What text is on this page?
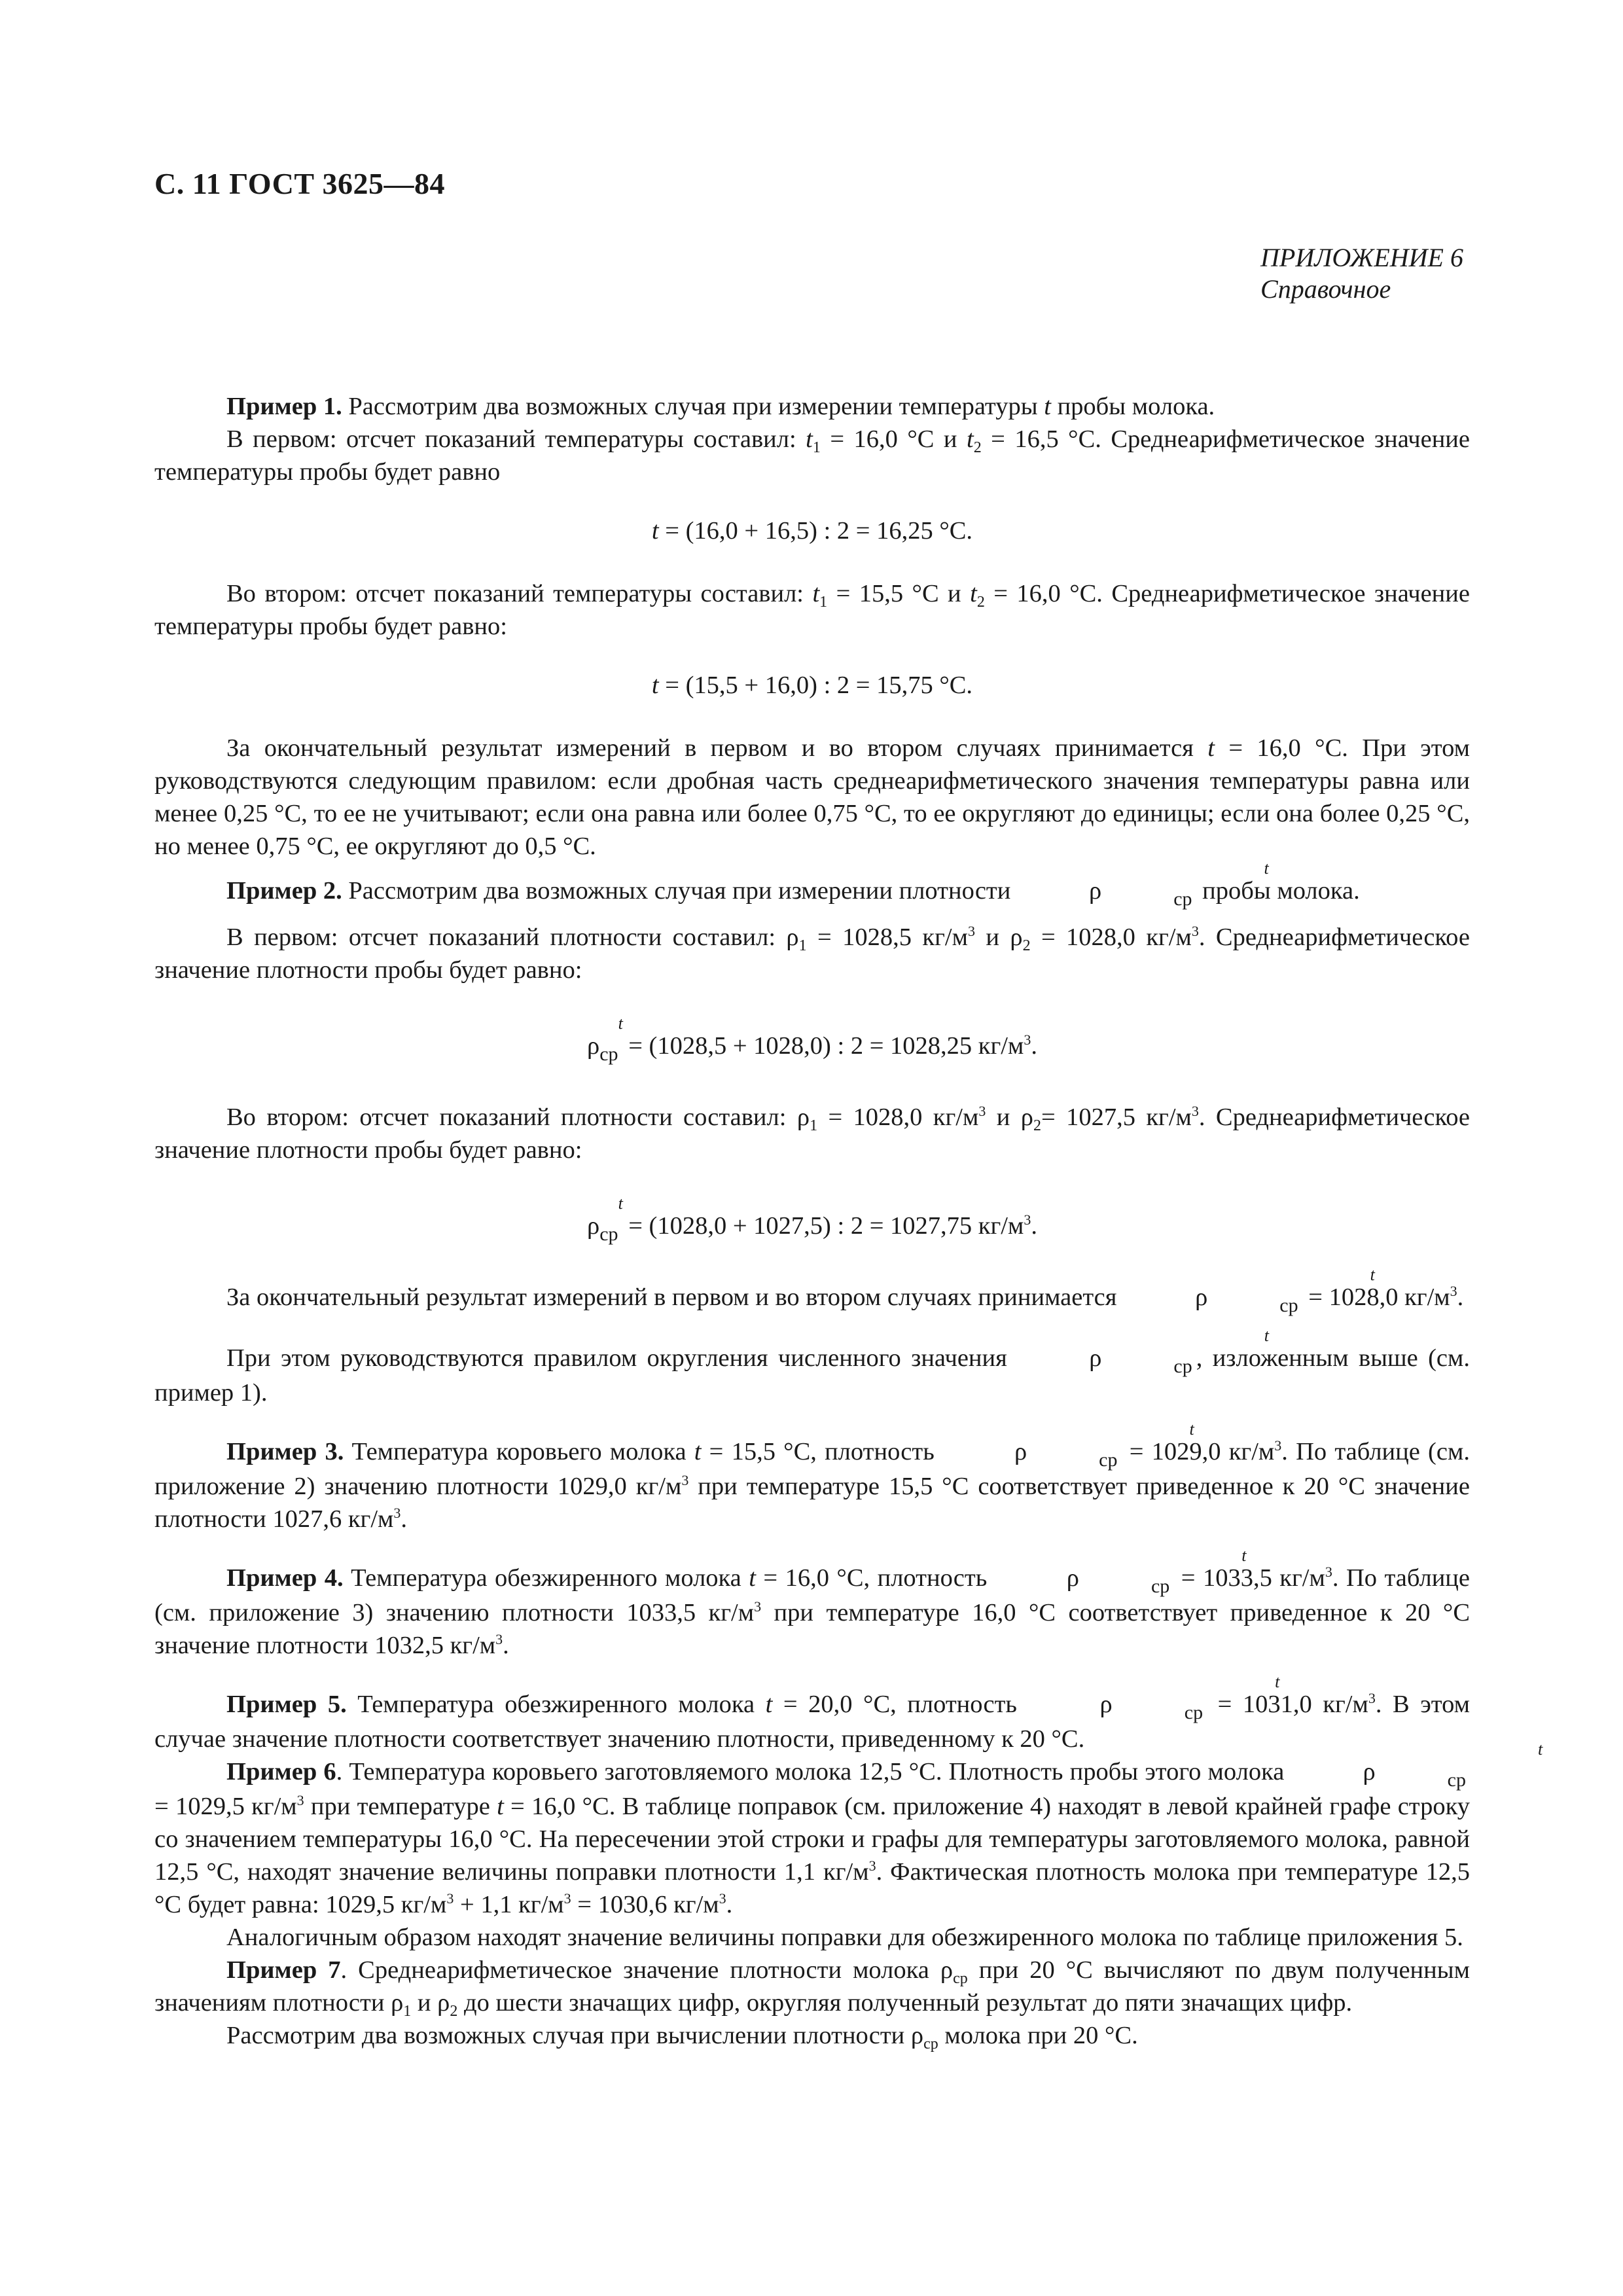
С. 11 ГОСТ 3625—84
ПРИЛОЖЕНИЕ 6
Справочное

Пример 1. Рассмотрим два возможных случая при измерении температуры t пробы молока.

В первом: отсчет показаний температуры составил: $t_1 = 16,0$ °С и $t_2 = 16,5$ °С. Среднеарифметическое значение температуры пробы будет равно

t = (16,0 + 16,5) : 2 = 16,25 °С.

Во втором: отсчет показаний температуры составил: $t_1 = 15,5$ °С и $t_2 = 16,0$ °С. Среднеарифметическое значение температуры пробы будет равно:

t = (15,5 + 16,0) : 2 = 15,75 °С.

За окончательный результат измерений в первом и во втором случаях принимается t = 16,0 °С. При этом руководствуются следующим правилом: если дробная часть среднеарифметического значения температуры равна или менее 0,25 °С, то ее не учитывают; если она равна или более 0,75 °С, то ее округляют до единицы; если она более 0,25 °С, но менее 0,75 °С, ее округляют до 0,5 °С.

Пример 2. Рассмотрим два возможных случая при измерении плотности	ρ
t
ср пробы молока.

В первом: отсчет показаний плотности составил: $\rho_1 = 1028,5$ $кг/м^3$ и $\rho_2 = 1028,0$ $кг/м^3$. Среднеарифметическое значение плотности пробы будет равно:

ρ
t
ср = (1028,5 + 1028,0) : 2 = 1028,25 $кг/м^3$.

Во втором: отсчет показаний плотности составил: $\rho_1 = 1028,0$ $кг/м^3$ и $\rho_2= 1027,5$ $кг/м^3$. Среднеарифметическое значение плотности пробы будет равно:

ρ
t
ср = (1028,0 + 1027,5) : 2 = 1027,75 $кг/м^3$.

За окончательный результат измерений в первом и во втором случаях принимается	ρ
t
ср = 1028,0 $кг/м^3$.

При этом руководствуются правилом округления численного значения	ρ
t
ср , изложенным выше (см. пример 1).

Пример 3. Температура коровьего молока t = 15,5 °С, плотность	ρ
t
ср = 1029,0 $кг/м^3$. По таблице (см. приложение 2) значению плотности 1029,0 $кг/м^3$ при температуре 15,5 °С соответствует приведенное к 20 °С значение плотности 1027,6 $кг/м^3$.

Пример 4. Температура обезжиренного молока t = 16,0 °С, плотность	ρ
t
ср = 1033,5 $кг/м^3$. По таблице (см. приложение 3) значению плотности 1033,5 $кг/м^3$ при температуре 16,0 °С соответствует приведенное к 20 °С значение плотности 1032,5 $кг/м^3$.

Пример 5. Температура обезжиренного молока t = 20,0 °С, плотность	ρ
t
ср = 1031,0 $кг/м^3$. В этом случае значение плотности соответствует значению плотности, приведенному к 20 °С.

Пример 6. Температура коровьего заготовляемого молока 12,5 °С. Плотность пробы этого молока	ρ
t
ср = 1029,5 $кг/м^3$ при температуре t = 16,0 °С. В таблице поправок (см. приложение 4) находят в левой крайней графе строку со значением температуры 16,0 °С. На пересечении этой строки и графы для температуры заготовляемого молока, равной 12,5 °С, находят значение величины поправки плотности 1,1 $кг/м^3$. Фактическая плотность молока при температуре 12,5 °С будет равна: 1029,5 $кг/м^3 + 1,1$ $кг/м^3 = 1030,6$ $кг/м^3$.

Аналогичным образом находят значение величины поправки для обезжиренного молока по таблице приложения 5.

Пример 7. Среднеарифметическое значение плотности молока $\rho_{ср}$ при 20 °С вычисляют по двум полученным значениям плотности $\rho_1$ и $\rho_2$ до шести значащих цифр, округляя полученный результат до пяти значащих цифр.

Рассмотрим два возможных случая при вычислении плотности $\rho_{ср}$ молока при 20 °С.
